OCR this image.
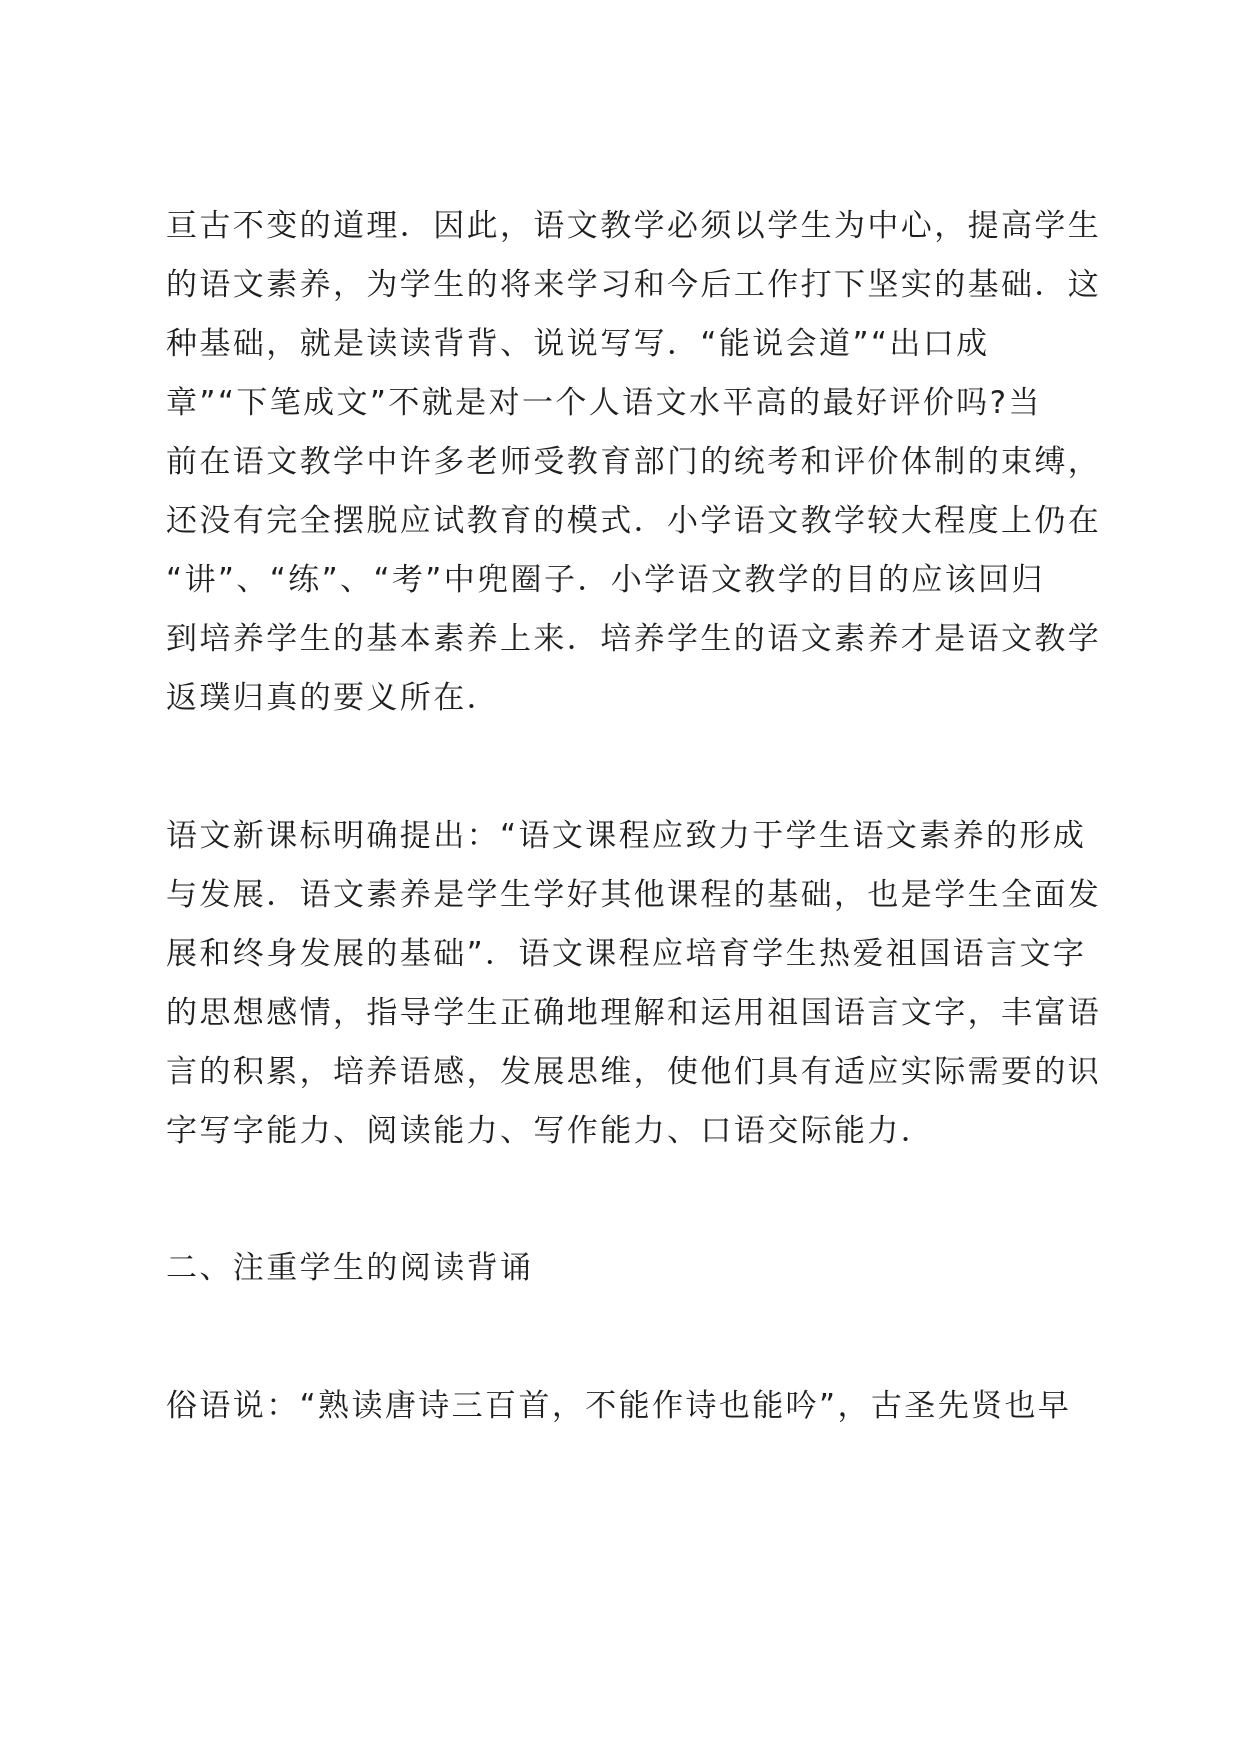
亘古不变的道理．因此，语文教学必须以学生为中心，提高学生
的语文素养，为学生的将来学习和今后工作打下坚实的基础．这
种基础，就是读读背背、说说写写．“能说会道”“出口成
章”“下笔成文”不就是对一个人语文水平高的最好评价吗?当
前在语文教学中许多老师受教育部门的统考和评价体制的束缚，
还没有完全摆脱应试教育的模式．小学语文教学较大程度上仍在
“讲”、“练”、“考”中兜圈子．小学语文教学的目的应该回归
到培养学生的基本素养上来．培养学生的语文素养才是语文教学
返璞归真的要义所在．
语文新课标明确提出：“语文课程应致力于学生语文素养的形成
与发展．语文素养是学生学好其他课程的基础，也是学生全面发
展和终身发展的基础”．语文课程应培育学生热爱祖国语言文字
的思想感情，指导学生正确地理解和运用祖国语言文字，丰富语
言的积累，培养语感，发展思维，使他们具有适应实际需要的识
字写字能力、阅读能力、写作能力、口语交际能力．
二、注重学生的阅读背诵
俗语说：“熟读唐诗三百首，不能作诗也能吟”，古圣先贤也早
